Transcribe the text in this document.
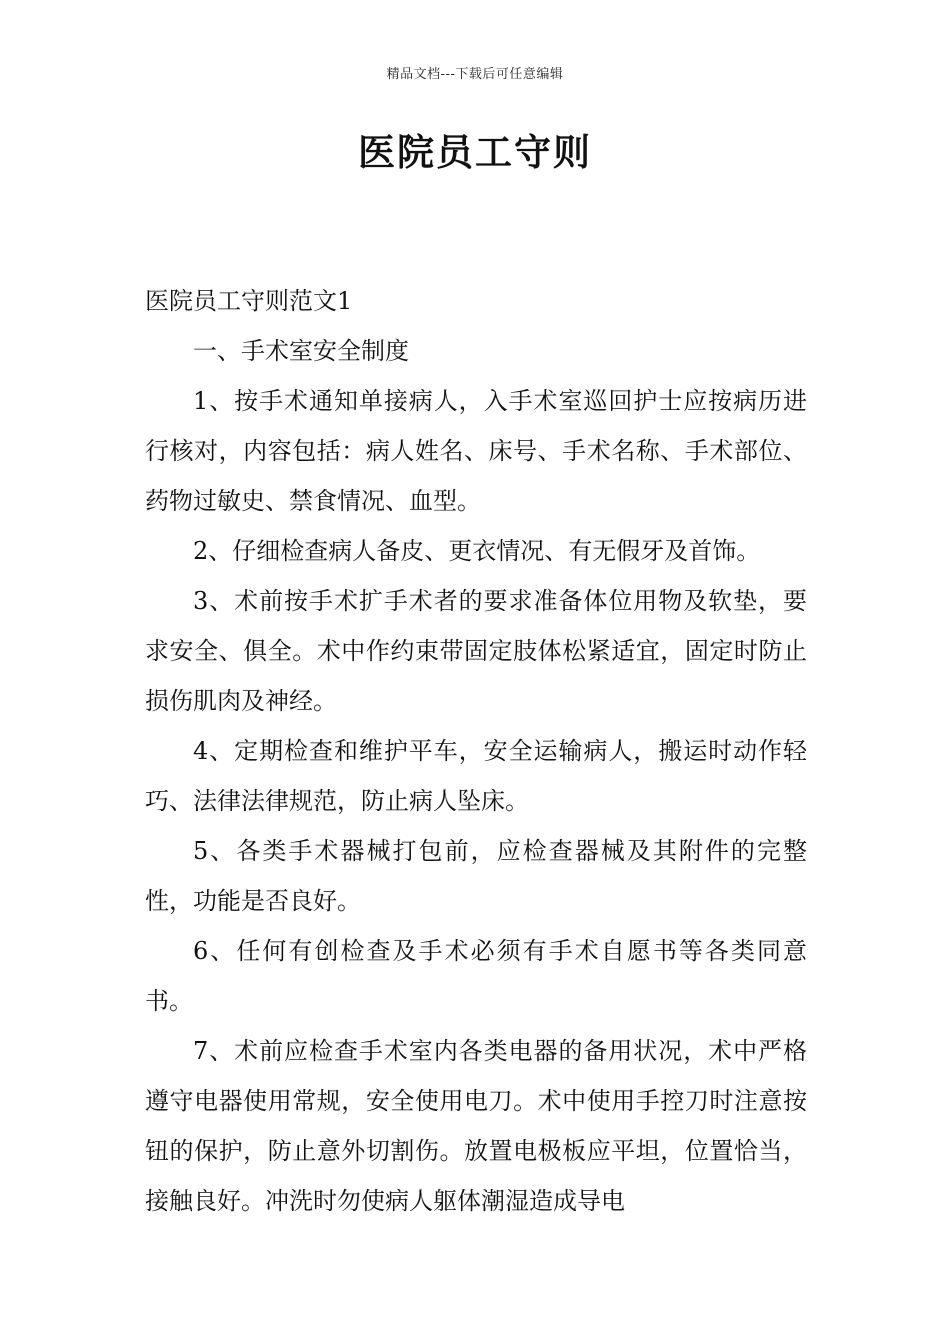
精品文档---下载后可任意编辑
医院员工守则

医院员工守则范文1

一、手术室安全制度

1、按手术通知单接病人，入手术室巡回护士应按病历进行核对，内容包括：病人姓名、床号、手术名称、手术部位、药物过敏史、禁食情况、血型。

2、仔细检查病人备皮、更衣情况、有无假牙及首饰。

3、术前按手术扩手术者的要求准备体位用物及软垫，要求安全、俱全。术中作约束带固定肢体松紧适宜，固定时防止损伤肌肉及神经。

4、定期检查和维护平车，安全运输病人，搬运时动作轻巧、法律法律规范，防止病人坠床。

5、各类手术器械打包前，应检查器械及其附件的完整性，功能是否良好。

6、任何有创检查及手术必须有手术自愿书等各类同意书。

7、术前应检查手术室内各类电器的备用状况，术中严格遵守电器使用常规，安全使用电刀。术中使用手控刀时注意按钮的保护，防止意外切割伤。放置电极板应平坦，位置恰当，接触良好。冲洗时勿使病人躯体潮湿造成导电
